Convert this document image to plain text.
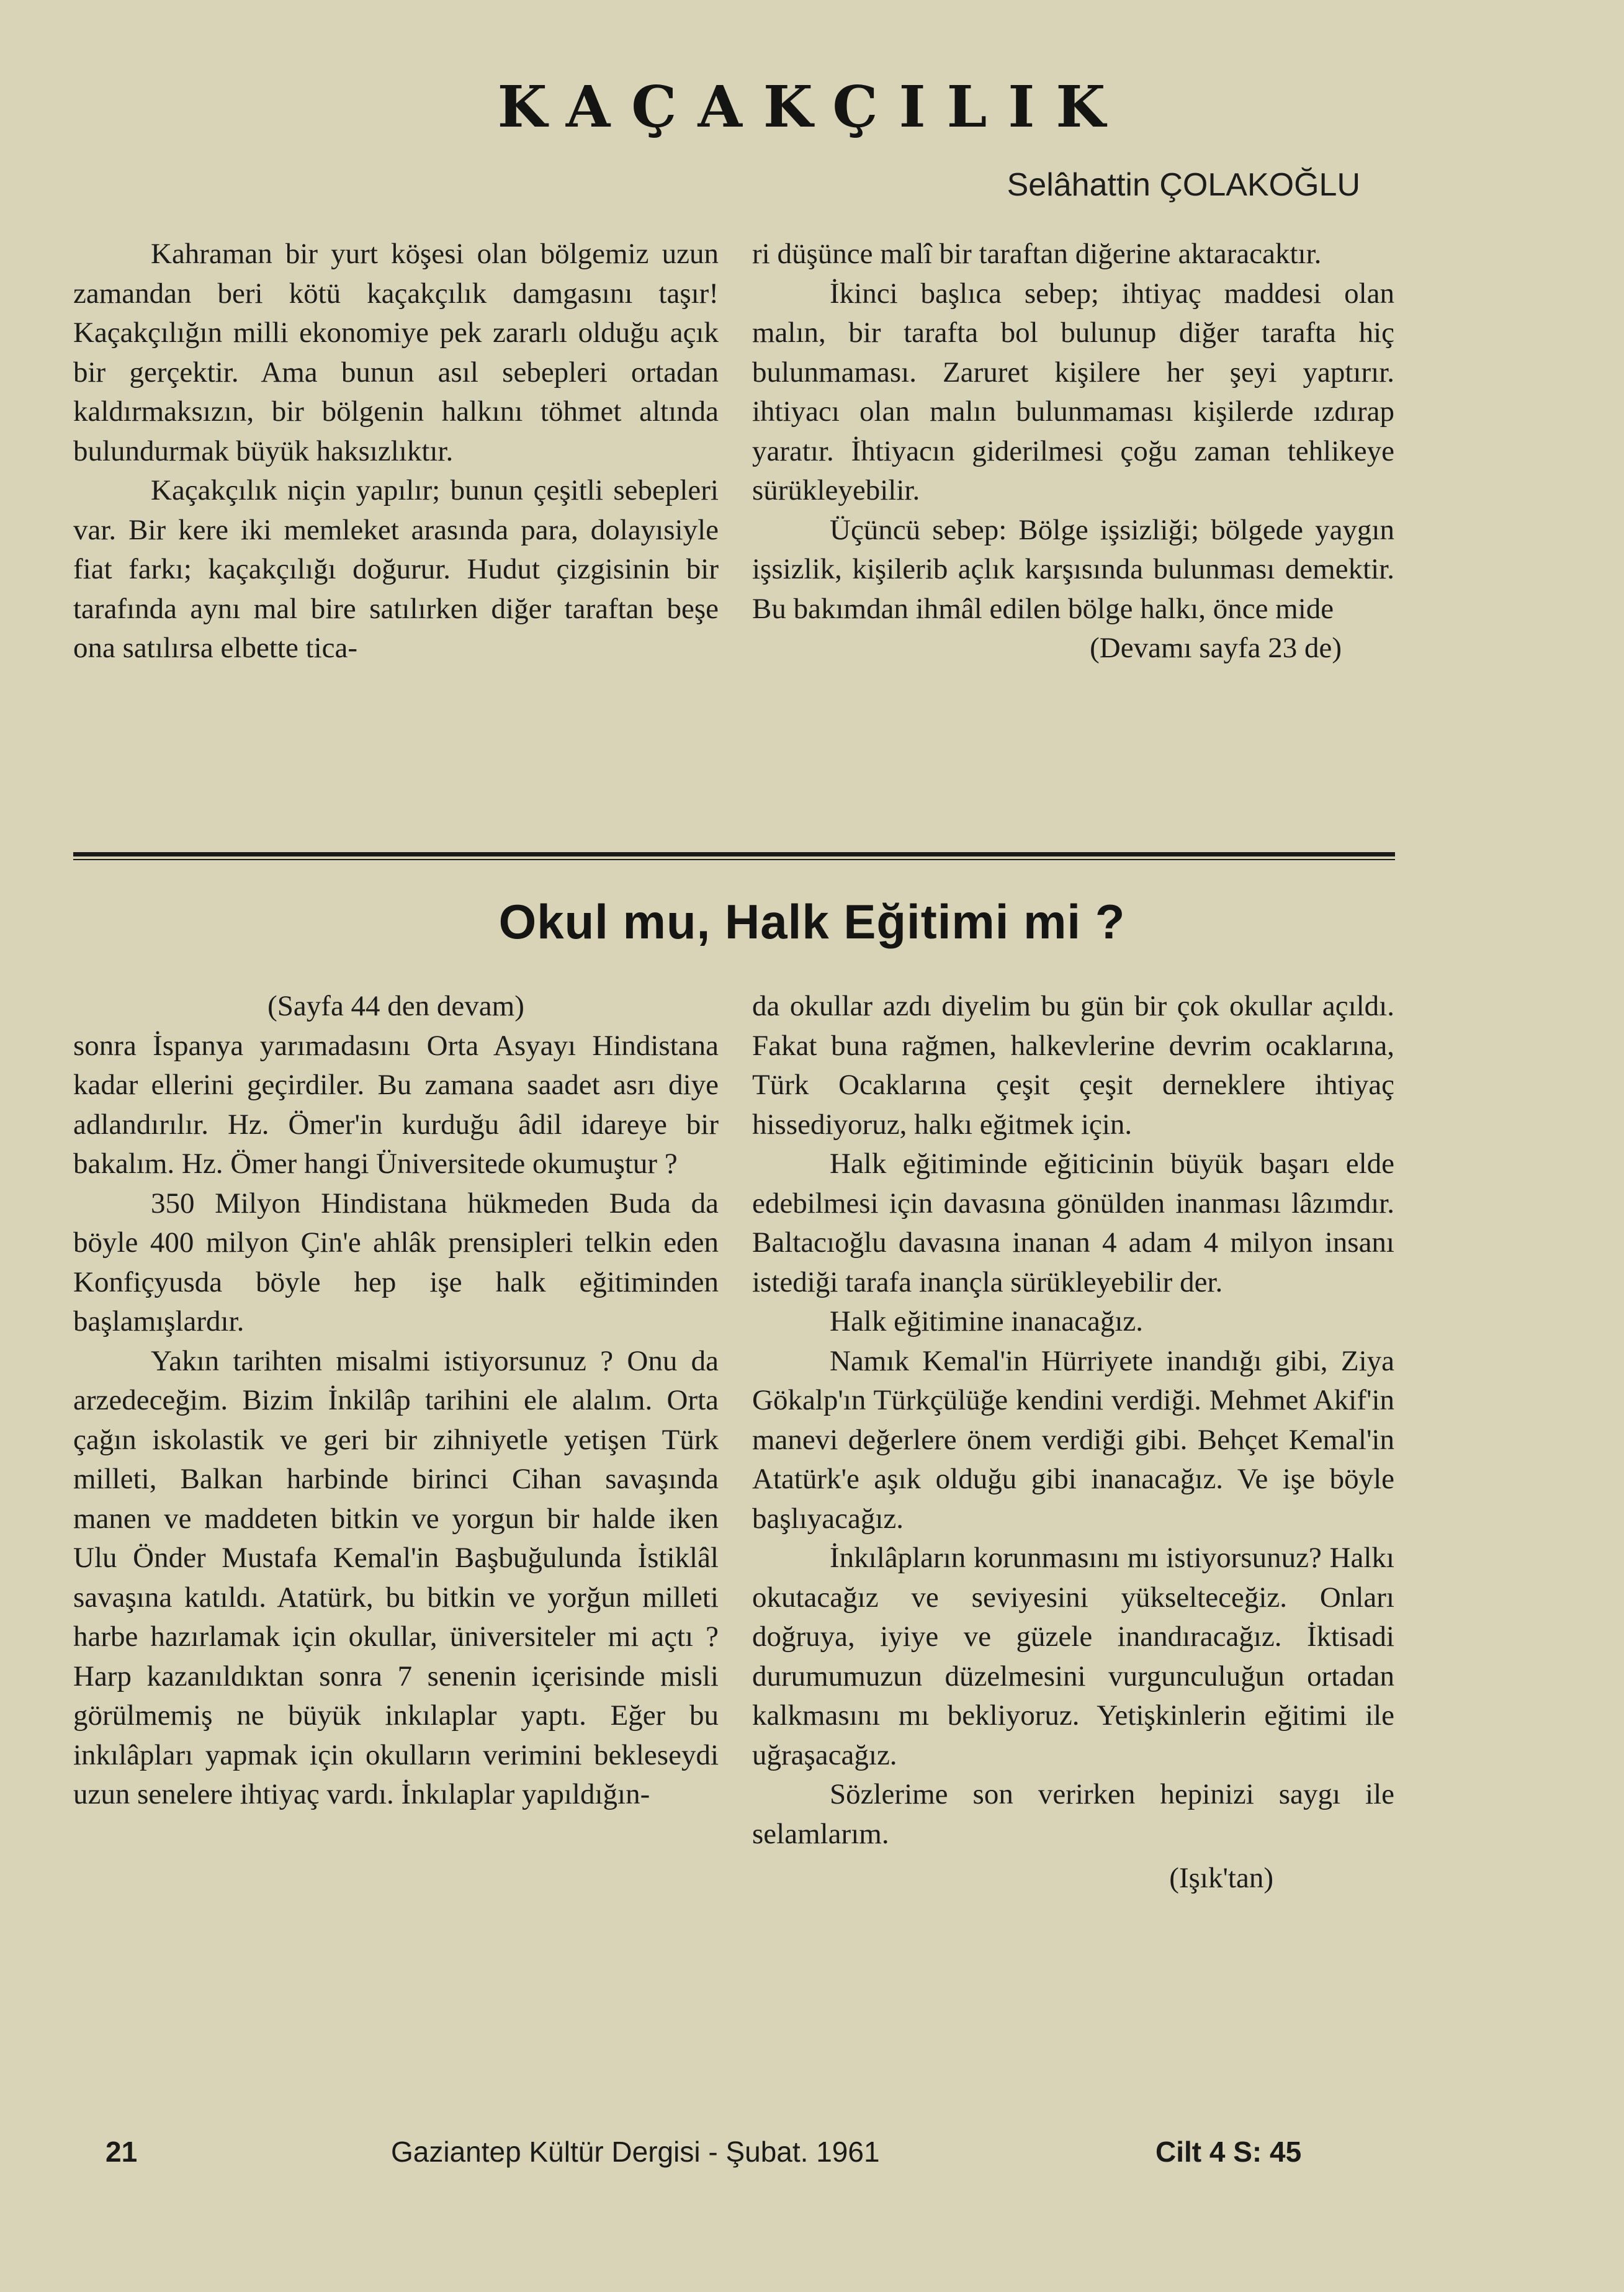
KAÇAKÇILIK
Selâhattin ÇOLAKOĞLU

Kahraman bir yurt köşesi olan bölgemiz uzun zamandan beri kötü kaçakçılık damgasını taşır! Kaçakçılığın milli ekonomiye pek zararlı olduğu açık bir gerçektir. Ama bunun asıl sebepleri ortadan kaldırmaksızın, bir bölgenin halkını töhmet altında bulundurmak büyük haksızlıktır.

Kaçakçılık niçin yapılır; bunun çeşitli sebepleri var. Bir kere iki memleket arasında para, dolayısiyle fiat farkı; kaçakçılığı doğurur. Hudut çizgisinin bir tarafında aynı mal bire satılırken diğer taraftan beşe ona satılırsa elbette tica-

ri düşünce malî bir taraftan diğerine aktaracaktır.

İkinci başlıca sebep; ihtiyaç maddesi olan malın, bir tarafta bol bulunup diğer tarafta hiç bulunmaması. Zaruret kişilere her şeyi yaptırır. ihtiyacı olan malın bulunmaması kişilerde ızdırap yaratır. İhtiyacın giderilmesi çoğu zaman tehlikeye sürükleyebilir.

Üçüncü sebep: Bölge işsizliği; bölgede yaygın işsizlik, kişilerib açlık karşısında bulunması demektir. Bu bakımdan ihmâl edilen bölge halkı, önce mide

(Devamı sayfa 23 de)

Okul mu, Halk Eğitimi mi ?

(Sayfa 44 den devam)

sonra İspanya yarımadasını Orta Asyayı Hindistana kadar ellerini geçirdiler. Bu zamana saadet asrı diye adlandırılır. Hz. Ömer'in kurduğu âdil idareye bir bakalım. Hz. Ömer hangi Üniversitede okumuştur ?

350 Milyon Hindistana hükmeden Buda da böyle 400 milyon Çin'e ahlâk prensipleri telkin eden Konfiçyusda böyle hep işe halk eğitiminden başlamışlardır.

Yakın tarihten misalmi istiyorsunuz ? Onu da arzedeceğim. Bizim İnkilâp tarihini ele alalım. Orta çağın iskolastik ve geri bir zihniyetle yetişen Türk milleti, Balkan harbinde birinci Cihan savaşında manen ve maddeten bitkin ve yorgun bir halde iken Ulu Önder Mustafa Kemal'in Başbuğulunda İstiklâl savaşına katıldı. Atatürk, bu bitkin ve yorğun milleti harbe hazırlamak için okullar, üniversiteler mi açtı ? Harp kazanıldıktan sonra 7 senenin içerisinde misli görülmemiş ne büyük inkılaplar yaptı. Eğer bu inkılâpları yapmak için okulların verimini bekleseydi uzun senelere ihtiyaç vardı. İnkılaplar yapıldığın-

da okullar azdı diyelim bu gün bir çok okullar açıldı. Fakat buna rağmen, halkevlerine devrim ocaklarına, Türk Ocaklarına çeşit çeşit derneklere ihtiyaç hissediyoruz, halkı eğitmek için.

Halk eğitiminde eğiticinin büyük başarı elde edebilmesi için davasına gönülden inanması lâzımdır. Baltacıoğlu davasına inanan 4 adam 4 milyon insanı istediği tarafa inançla sürükleyebilir der.

Halk eğitimine inanacağız.

Namık Kemal'in Hürriyete inandığı gibi, Ziya Gökalp'ın Türkçülüğe kendini verdiği. Mehmet Akif'in manevi değerlere önem verdiği gibi. Behçet Kemal'in Atatürk'e aşık olduğu gibi inanacağız. Ve işe böyle başlıyacağız.

İnkılâpların korunmasını mı istiyorsunuz? Halkı okutacağız ve seviyesini yükselteceğiz. Onları doğruya, iyiye ve güzele inandıracağız. İktisadi durumumuzun düzelmesini vurgunculuğun ortadan kalkmasını mı bekliyoruz. Yetişkinlerin eğitimi ile uğraşacağız.

Sözlerime son verirken hepinizi saygı ile selamlarım.

(Işık'tan)

21	Gaziantep Kültür Dergisi - Şubat. 1961	Cilt 4 S: 45
